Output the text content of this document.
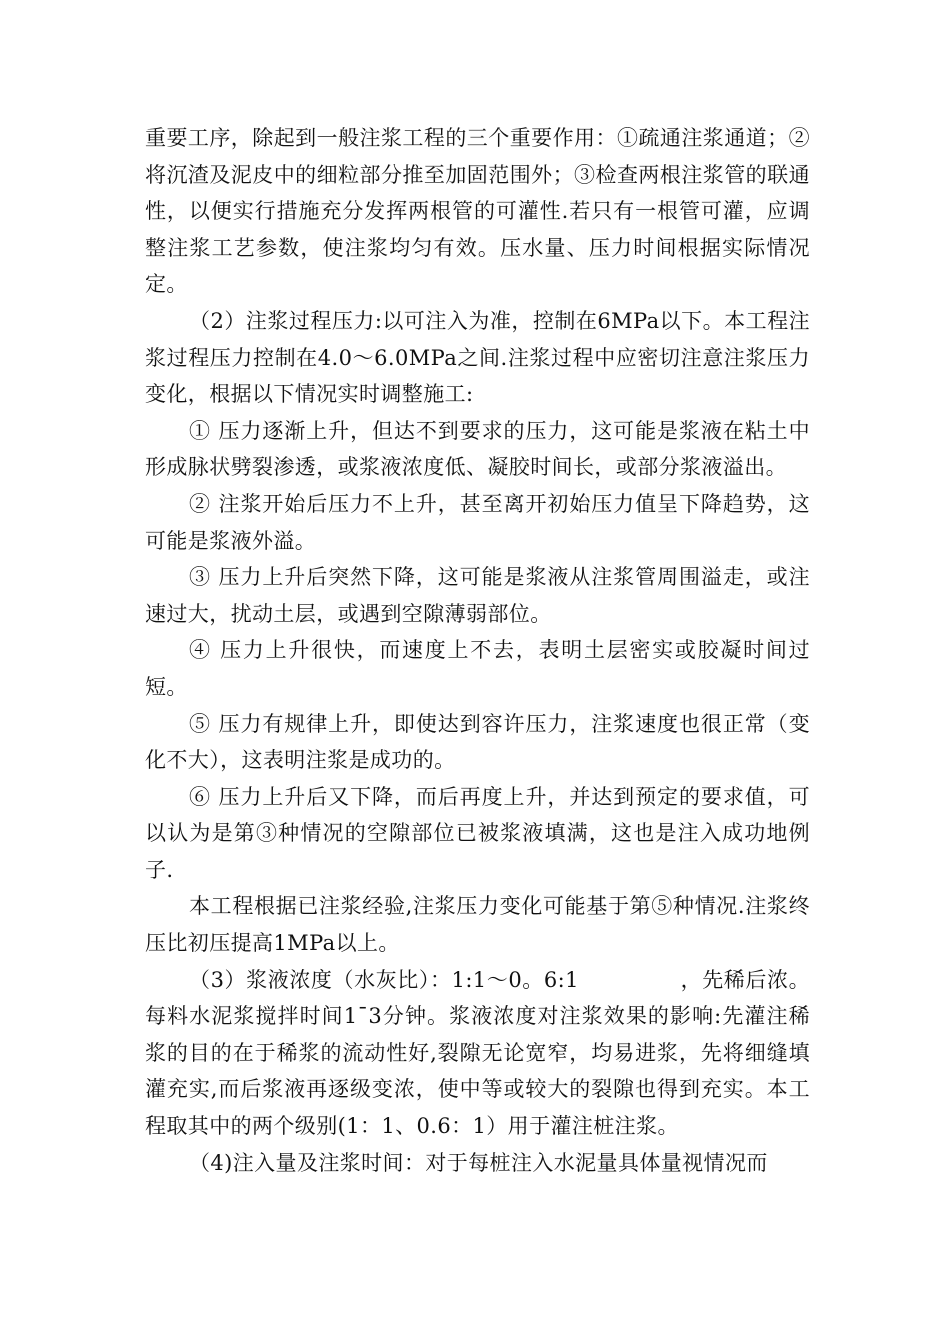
重要工序，除起到一般注浆工程的三个重要作用：①疏通注浆通道；②将沉渣及泥皮中的细粒部分推至加固范围外；③检查两根注浆管的联通性，以便实行措施充分发挥两根管的可灌性.若只有一根管可灌，应调整注浆工艺参数，使注浆均匀有效。压水量、压力时间根据实际情况定。

（2）注浆过程压力:以可注入为准，控制在6MPa以下。本工程注浆过程压力控制在4.0～6.0MPa之间.注浆过程中应密切注意注浆压力变化，根据以下情况实时调整施工:

① 压力逐渐上升，但达不到要求的压力，这可能是浆液在粘土中形成脉状劈裂渗透，或浆液浓度低、凝胶时间长，或部分浆液溢出。

② 注浆开始后压力不上升，甚至离开初始压力值呈下降趋势，这可能是浆液外溢。

③ 压力上升后突然下降，这可能是浆液从注浆管周围溢走，或注速过大，扰动土层，或遇到空隙薄弱部位。

④ 压力上升很快，而速度上不去，表明土层密实或胶凝时间过短。

⑤ 压力有规律上升，即使达到容许压力，注浆速度也很正常（变化不大），这表明注浆是成功的。

⑥ 压力上升后又下降，而后再度上升，并达到预定的要求值，可以认为是第③种情况的空隙部位已被浆液填满，这也是注入成功地例子.

本工程根据已注浆经验,注浆压力变化可能基于第⑤种情况.注浆终压比初压提高1MPa以上。

（3）浆液浓度（水灰比）：1:1～0。6:1              ，先稀后浓。每料水泥浆搅拌时间1¯3分钟。浆液浓度对注浆效果的影响:先灌注稀浆的目的在于稀浆的流动性好,裂隙无论宽窄，均易进浆，先将细缝填灌充实,而后浆液再逐级变浓，使中等或较大的裂隙也得到充实。本工程取其中的两个级别(1：1、0.6：1）用于灌注桩注浆。

（4)注入量及注浆时间：对于每桩注入水泥量具体量视情况而
